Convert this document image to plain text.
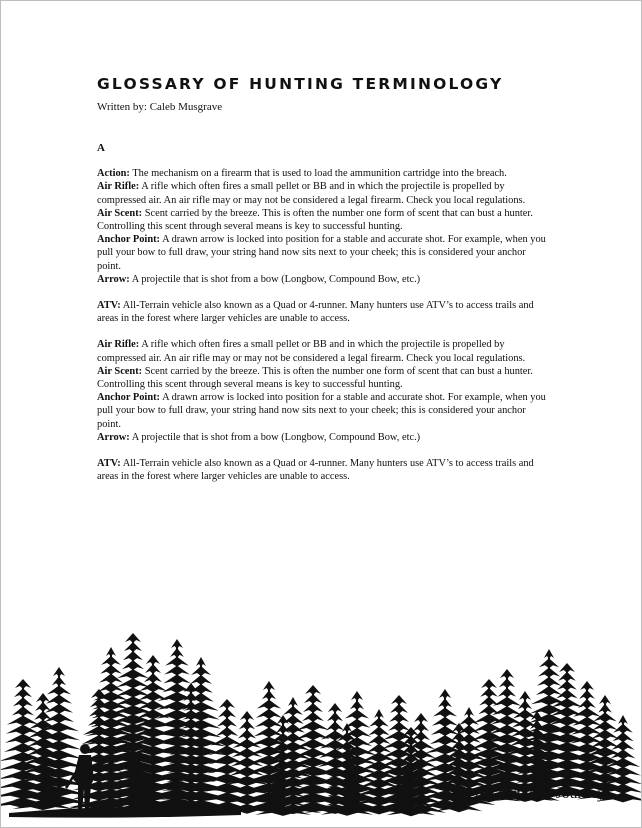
GLOSSARY OF HUNTING TERMINOLOGY
Written by: Caleb Musgrave
A

Action: The mechanism on a firearm that is used to load the ammunition cartridge into the breach.

Air Rifle: A rifle which often fires a small pellet or BB and in which the projectile is propelled by compressed air. An air rifle may or may not be considered a legal firearm. Check you local regulations.

Air Scent: Scent carried by the breeze. This is often the number one form of scent that can bust a hunter. Controlling this scent through several means is key to successful hunting.

Anchor Point: A drawn arrow is locked into position for a stable and accurate shot. For example, when you pull your bow to full draw, your string hand now sits next to your cheek; this is considered your anchor point.

Arrow: A projectile that is shot from a bow (Longbow, Compound Bow, etc.)

ATV: All-Terrain vehicle also known as a Quad or 4-runner. Many hunters use ATV’s to access trails and areas in the forest where larger vehicles are unable to access.

Air Rifle: A rifle which often fires a small pellet or BB and in which the projectile is propelled by compressed air. An air rifle may or may not be considered a legal firearm. Check you local regulations.

Air Scent: Scent carried by the breeze. This is often the number one form of scent that can bust a hunter. Controlling this scent through several means is key to successful hunting.

Anchor Point: A drawn arrow is locked into position for a stable and accurate shot. For example, when you pull your bow to full draw, your string hand now sits next to your cheek; this is considered your anchor point.

Arrow: A projectile that is shot from a bow (Longbow, Compound Bow, etc.)

ATV: All-Terrain vehicle also known as a Quad or 4-runner. Many hunters use ATV’s to access trails and areas in the forest where larger vehicles are unable to access.

the Hunter’s Journey
